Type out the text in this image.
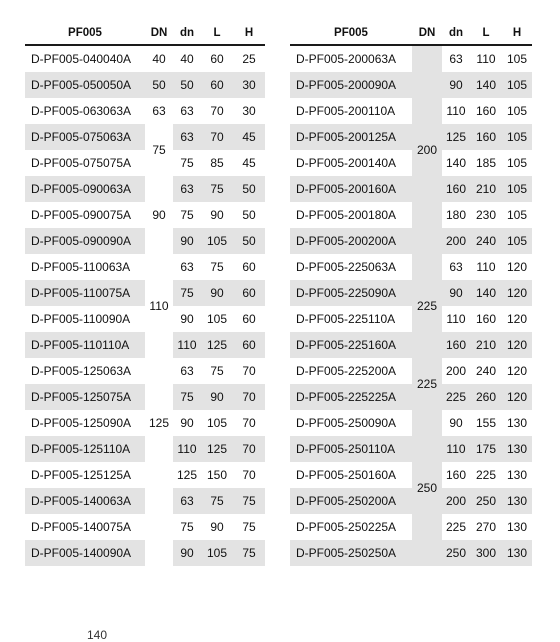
PF005	DN	dn	L	H
D-PF005-040040A	40	40	60	25
D-PF005-050050A	50	50	60	30
D-PF005-063063A	63	63	70	30
D-PF005-075063A	75	63	70	45
D-PF005-075075A		75	85	45
D-PF005-090063A	90	63	75	50
D-PF005-090075A		75	90	50
D-PF005-090090A		90	105	50
D-PF005-110063A	110	63	75	60
D-PF005-110075A		75	90	60
D-PF005-110090A		90	105	60
D-PF005-110110A		110	125	60
D-PF005-125063A	125	63	75	70
D-PF005-125075A		75	90	70
D-PF005-125090A		90	105	70
D-PF005-125110A		110	125	70
D-PF005-125125A		125	150	70
D-PF005-140063A		63	75	75
D-PF005-140075A		75	90	75
D-PF005-140090A		90	105	75
PF005	DN	dn	L	H
D-PF005-200063A	200	63	110	105
D-PF005-200090A		90	140	105
D-PF005-200110A		110	160	105
D-PF005-200125A		125	160	105
D-PF005-200140A		140	185	105
D-PF005-200160A		160	210	105
D-PF005-200180A		180	230	105
D-PF005-200200A		200	240	105
D-PF005-225063A	225	63	110	120
D-PF005-225090A		90	140	120
D-PF005-225110A		110	160	120
D-PF005-225160A		160	210	120
D-PF005-225200A	225	200	240	120
D-PF005-225225A		225	260	120
D-PF005-250090A	250	90	155	130
D-PF005-250110A		110	175	130
D-PF005-250160A		160	225	130
D-PF005-250200A		200	250	130
D-PF005-250225A		225	270	130
D-PF005-250250A		250	300	130
140
